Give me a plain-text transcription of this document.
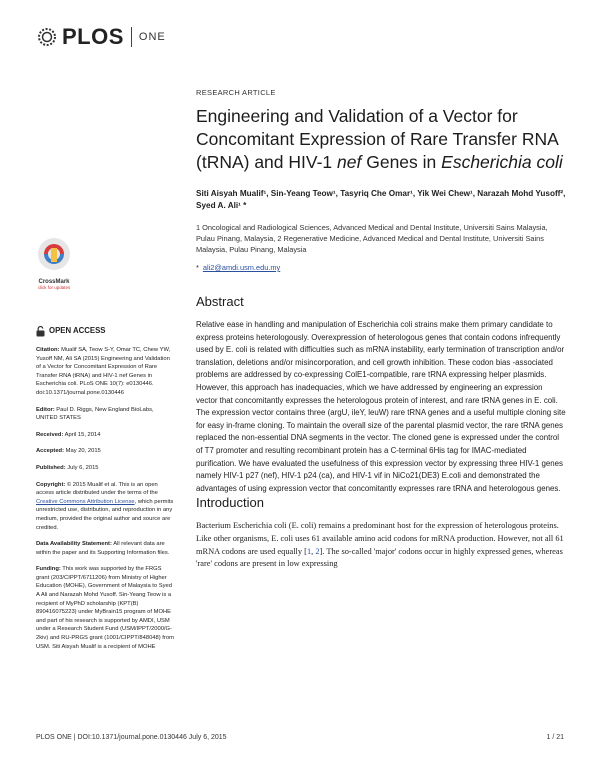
PLOS ONE
CrossMark
click for updates
OPEN ACCESS

Citation: Mualif SA, Teow S-Y, Omar TC, Chew YW, Yusoff NM, Ali SA (2015) Engineering and Validation of a Vector for Concomitant Expression of Rare Transfer RNA (tRNA) and HIV-1 nef Genes in Escherichia coli. PLoS ONE 10(7): e0130446. doi:10.1371/journal.pone.0130446

Editor: Paul D. Riggs, New England BioLabs, UNITED STATES

Received: April 15, 2014

Accepted: May 20, 2015

Published: July 6, 2015

Copyright: © 2015 Mualif et al. This is an open access article distributed under the terms of the Creative Commons Attribution License, which permits unrestricted use, distribution, and reproduction in any medium, provided the original author and source are credited.

Data Availability Statement: All relevant data are within the paper and its Supporting Information files.

Funding: This work was supported by the FRGS grant (203/CIPPT/6711206) from Ministry of Higher Education (MOHE), Government of Malaysia to Syed A Ali and Narazah Mohd Yusoff. Sin-Yeang Teow is a recipient of MyPhD scholarship (KPT(B) 890416075223) under MyBrain15 program of MOHE and part of his research is supported by AMDI, USM under a Research Student Fund (USM/IPPT/2000/G-2kiv) and RU-PRGS grant (1001/CIPPT/848048) from USM. Siti Aisyah Mualif is a recipient of MOHE

RESEARCH ARTICLE
Engineering and Validation of a Vector for Concomitant Expression of Rare Transfer RNA (tRNA) and HIV-1 nef Genes in Escherichia coli
Siti Aisyah Mualif¹, Sin-Yeang Teow¹, Tasyriq Che Omar¹, Yik Wei Chew¹, Narazah Mohd Yusoff², Syed A. Ali¹ *
1 Oncological and Radiological Sciences, Advanced Medical and Dental Institute, Universiti Sains Malaysia, Pulau Pinang, Malaysia, 2 Regenerative Medicine, Advanced Medical and Dental Institute, Universiti Sains Malaysia, Pulau Pinang, Malaysia
* ali2@amdi.usm.edu.my
Abstract

Relative ease in handling and manipulation of Escherichia coli strains make them primary candidate to express proteins heterologously. Overexpression of heterologous genes that contain codons infrequently used by E. coli is related with difficulties such as mRNA instability, early termination of transcription and/or translation, deletions and/or misincorporation, and cell growth inhibition. These codon bias -associated problems are addressed by co-expressing ColE1-compatible, rare tRNA expressing helper plasmids. However, this approach has inadequacies, which we have addressed by engineering an expression vector that concomitantly expresses the heterologous protein of interest, and rare tRNA genes in E. coli. The expression vector contains three (argU, ileY, leuW) rare tRNA genes and a useful multiple cloning site for easy in-frame cloning. To maintain the overall size of the parental plasmid vector, the rare tRNA genes replaced the non-essential DNA segments in the vector. The cloned gene is expressed under the control of T7 promoter and resulting recombinant protein has a C-terminal 6His tag for IMAC-mediated purification. We have evaluated the usefulness of this expression vector by expressing three HIV-1 genes namely HIV-1 p27 (nef), HIV-1 p24 (ca), and HIV-1 vif in NiCo21(DE3) E.coli and demonstrated the advantages of using expression vector that concomitantly expresses rare tRNA and heterologous genes.

Introduction

Bacterium Escherichia coli (E. coli) remains a predominant host for the expression of heterologous proteins. Like other organisms, E. coli uses 61 available amino acid codons for mRNA production. However, not all 61 mRNA codons are used equally [1, 2]. The so-called 'major' codons occur in highly expressed genes, whereas 'rare' codons are present in low expressing

PLOS ONE | DOI:10.1371/journal.pone.0130446 July 6, 2015	1 / 21
